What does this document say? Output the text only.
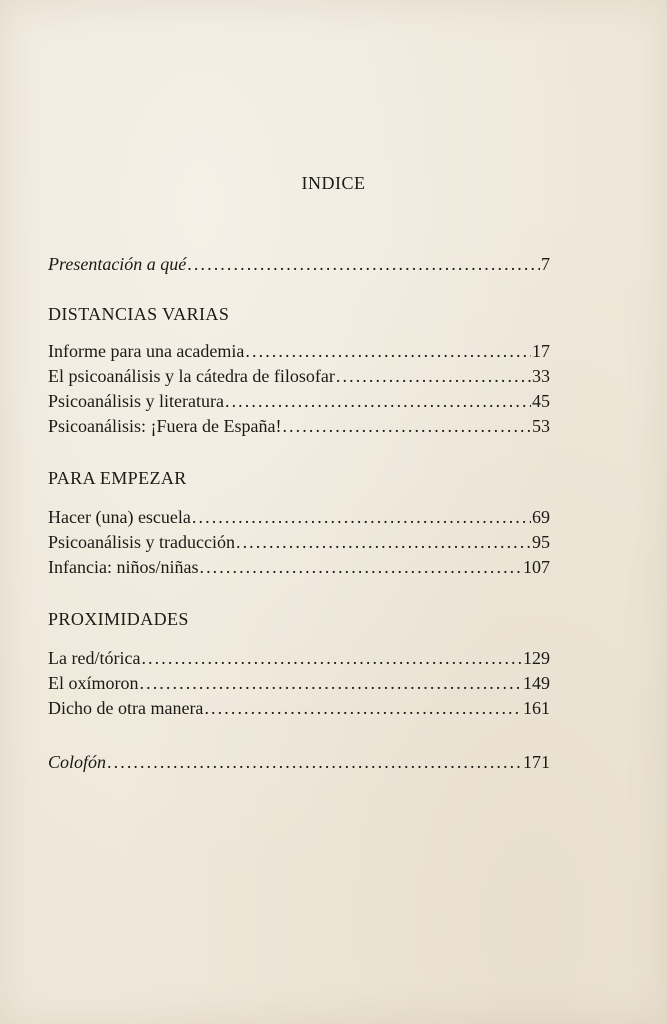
INDICE
Presentación a qué . . .	7
DISTANCIAS VARIAS
Informe para una academia . . .	17
El psicoanálisis y la cátedra de filosofar . . .	33
Psicoanálisis y literatura . . .	45
Psicoanálisis: ¡Fuera de España! . . .	53
PARA EMPEZAR
Hacer (una) escuela . . .	69
Psicoanálisis y traducción . . .	95
Infancia: niños/niñas . . .	107
PROXIMIDADES
La red/tórica . . .	129
El oxímoron . . .	149
Dicho de otra manera . . .	161
Colofón . . .	171
